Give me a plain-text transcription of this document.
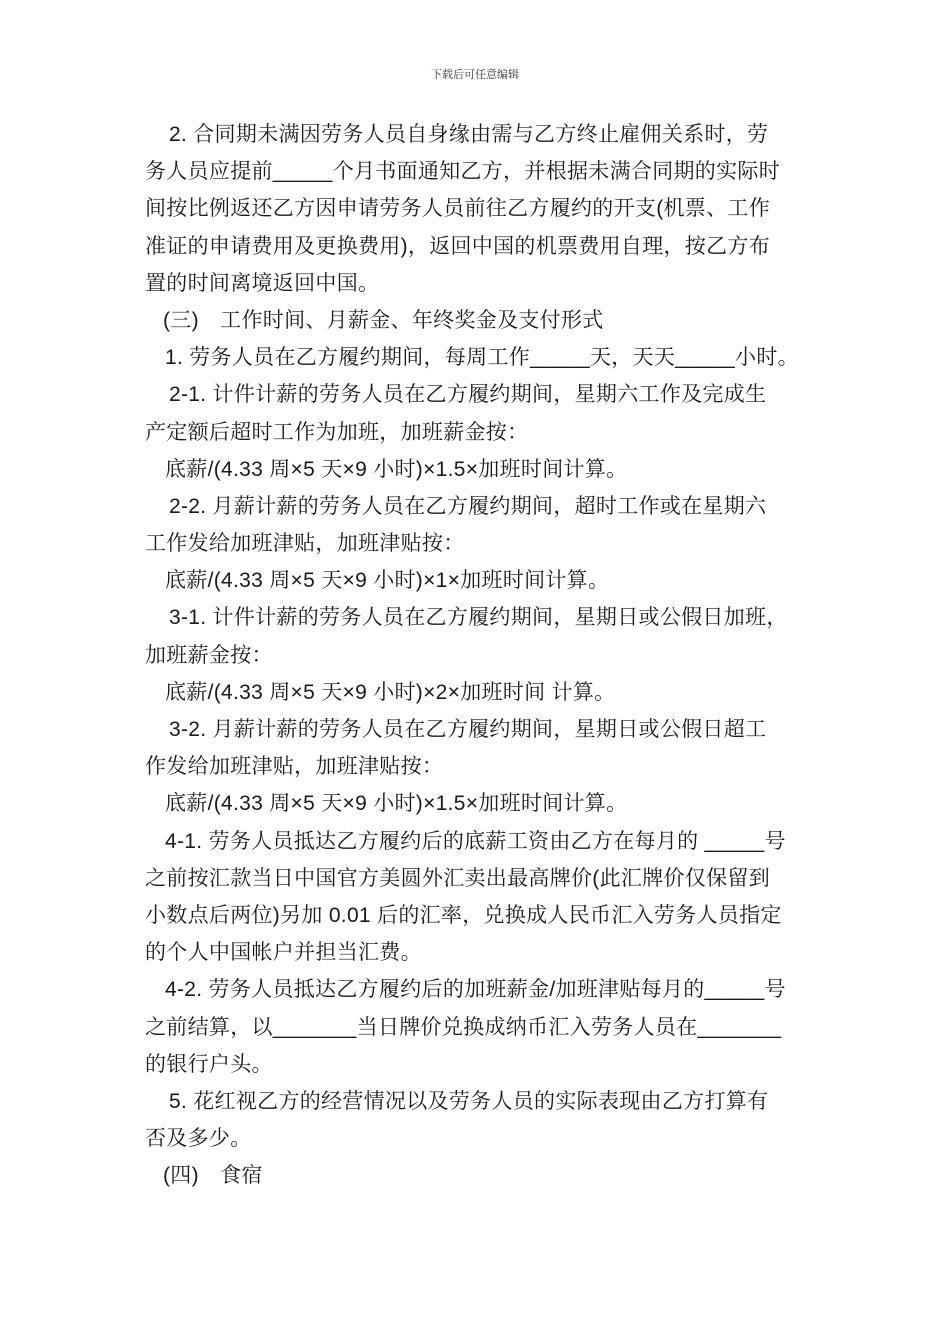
下载后可任意编辑
2. 合同期未满因劳务人员自身缘由需与乙方终止雇佣关系时，劳
务人员应提前_____个月书面通知乙方，并根据未满合同期的实际时
间按比例返还乙方因申请劳务人员前往乙方履约的开支(机票、工作
准证的申请费用及更换费用)，返回中国的机票费用自理，按乙方布
置的时间离境返回中国。
(三)　工作时间、月薪金、年终奖金及支付形式
1. 劳务人员在乙方履约期间，每周工作_____天，天天_____小时。
2-1. 计件计薪的劳务人员在乙方履约期间，星期六工作及完成生
产定额后超时工作为加班，加班薪金按：
底薪/(4.33 周×5 天×9 小时)×1.5×加班时间计算。
2-2. 月薪计薪的劳务人员在乙方履约期间，超时工作或在星期六
工作发给加班津贴，加班津贴按：
底薪/(4.33 周×5 天×9 小时)×1×加班时间计算。
3-1. 计件计薪的劳务人员在乙方履约期间，星期日或公假日加班，
加班薪金按：
底薪/(4.33 周×5 天×9 小时)×2×加班时间 计算。
3-2. 月薪计薪的劳务人员在乙方履约期间，星期日或公假日超工
作发给加班津贴，加班津贴按：
底薪/(4.33 周×5 天×9 小时)×1.5×加班时间计算。
4-1. 劳务人员抵达乙方履约后的底薪工资由乙方在每月的 _____号
之前按汇款当日中国官方美圆外汇卖出最高牌价(此汇牌价仅保留到
小数点后两位)另加 0.01 后的汇率，兑换成人民币汇入劳务人员指定
的个人中国帐户并担当汇费。
4-2. 劳务人员抵达乙方履约后的加班薪金/加班津贴每月的_____号
之前结算，以_______当日牌价兑换成纳币汇入劳务人员在_______
的银行户头。
5. 花红视乙方的经营情况以及劳务人员的实际表现由乙方打算有
否及多少。
(四)　食宿
